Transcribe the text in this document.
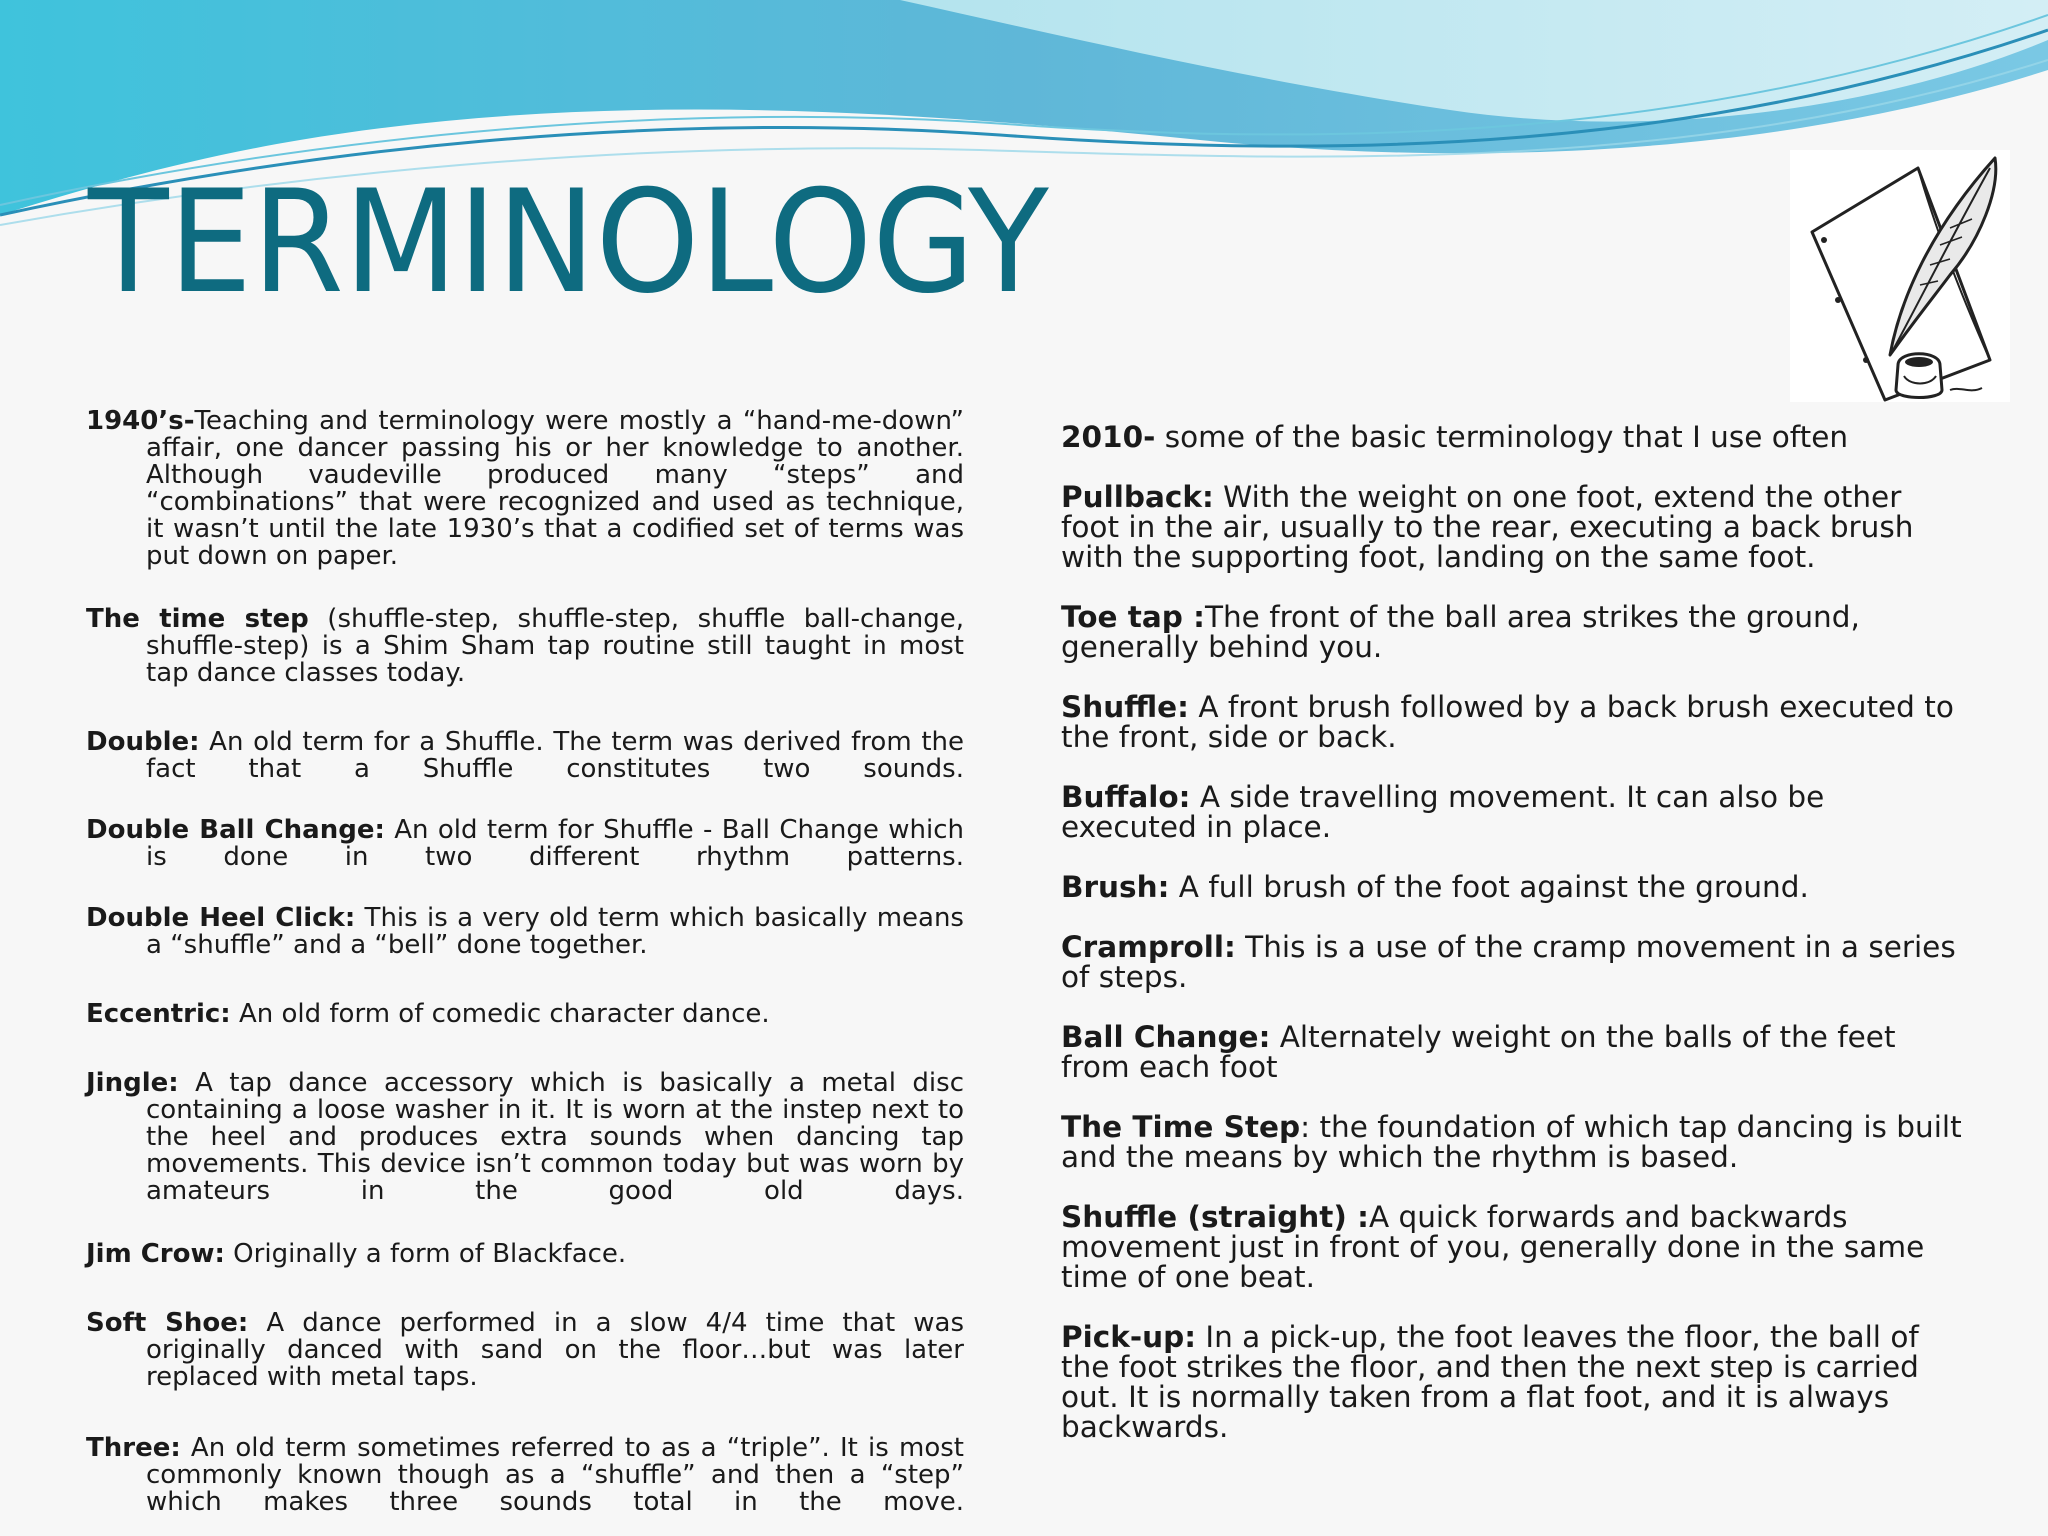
TERMINOLOGY

1940’s-Teaching and terminology were mostly a “hand-me-down” affair, one dancer passing his or her knowledge to another. Although vaudeville produced many “steps” and “combinations” that were recognized and used as technique, it wasn’t until the late 1930’s that a codified set of terms was put down on paper.

The time step (shuffle-step, shuffle-step, shuffle ball-change, shuffle-step) is a Shim Sham tap routine still taught in most tap dance classes today.

Double: An old term for a Shuffle. The term was derived from the fact that a Shuffle constitutes two sounds.

Double Ball Change: An old term for Shuffle - Ball Change which is done in two different rhythm patterns.

Double Heel Click: This is a very old term which basically means a “shuffle” and a “bell” done together.

Eccentric: An old form of comedic character dance.

Jingle: A tap dance accessory which is basically a metal disc containing a loose washer in it. It is worn at the instep next to the heel and produces extra sounds when dancing tap movements. This device isn’t common today but was worn by amateurs in the good old days.

Jim Crow: Originally a form of Blackface.

Soft Shoe: A dance performed in a slow 4/4 time that was originally danced with sand on the floor…but was later replaced with metal taps.

Three: An old term sometimes referred to as a “triple”. It is most commonly known though as a “shuffle” and then a “step” which makes three sounds total in the move.

2010- some of the basic terminology that I use often

Pullback: With the weight on one foot, extend the other foot in the air, usually to the rear, executing a back brush with the supporting foot, landing on the same foot.

Toe tap :The front of the ball area strikes the ground, generally behind you.

Shuffle: A front brush followed by a back brush executed to the front, side or back.

Buffalo: A side travelling movement. It can also be executed in place.

Brush: A full brush of the foot against the ground.

Cramproll: This is a use of the cramp movement in a series of steps.

Ball Change: Alternately weight on the balls of the feet from each foot

The Time Step: the foundation of which tap dancing is built and the means by which the rhythm is based.

Shuffle (straight) :A quick forwards and backwards movement just in front of you, generally done in the same time of one beat.

Pick-up: In a pick-up, the foot leaves the floor, the ball of the foot strikes the floor, and then the next step is carried out. It is normally taken from a flat foot, and it is always backwards.
